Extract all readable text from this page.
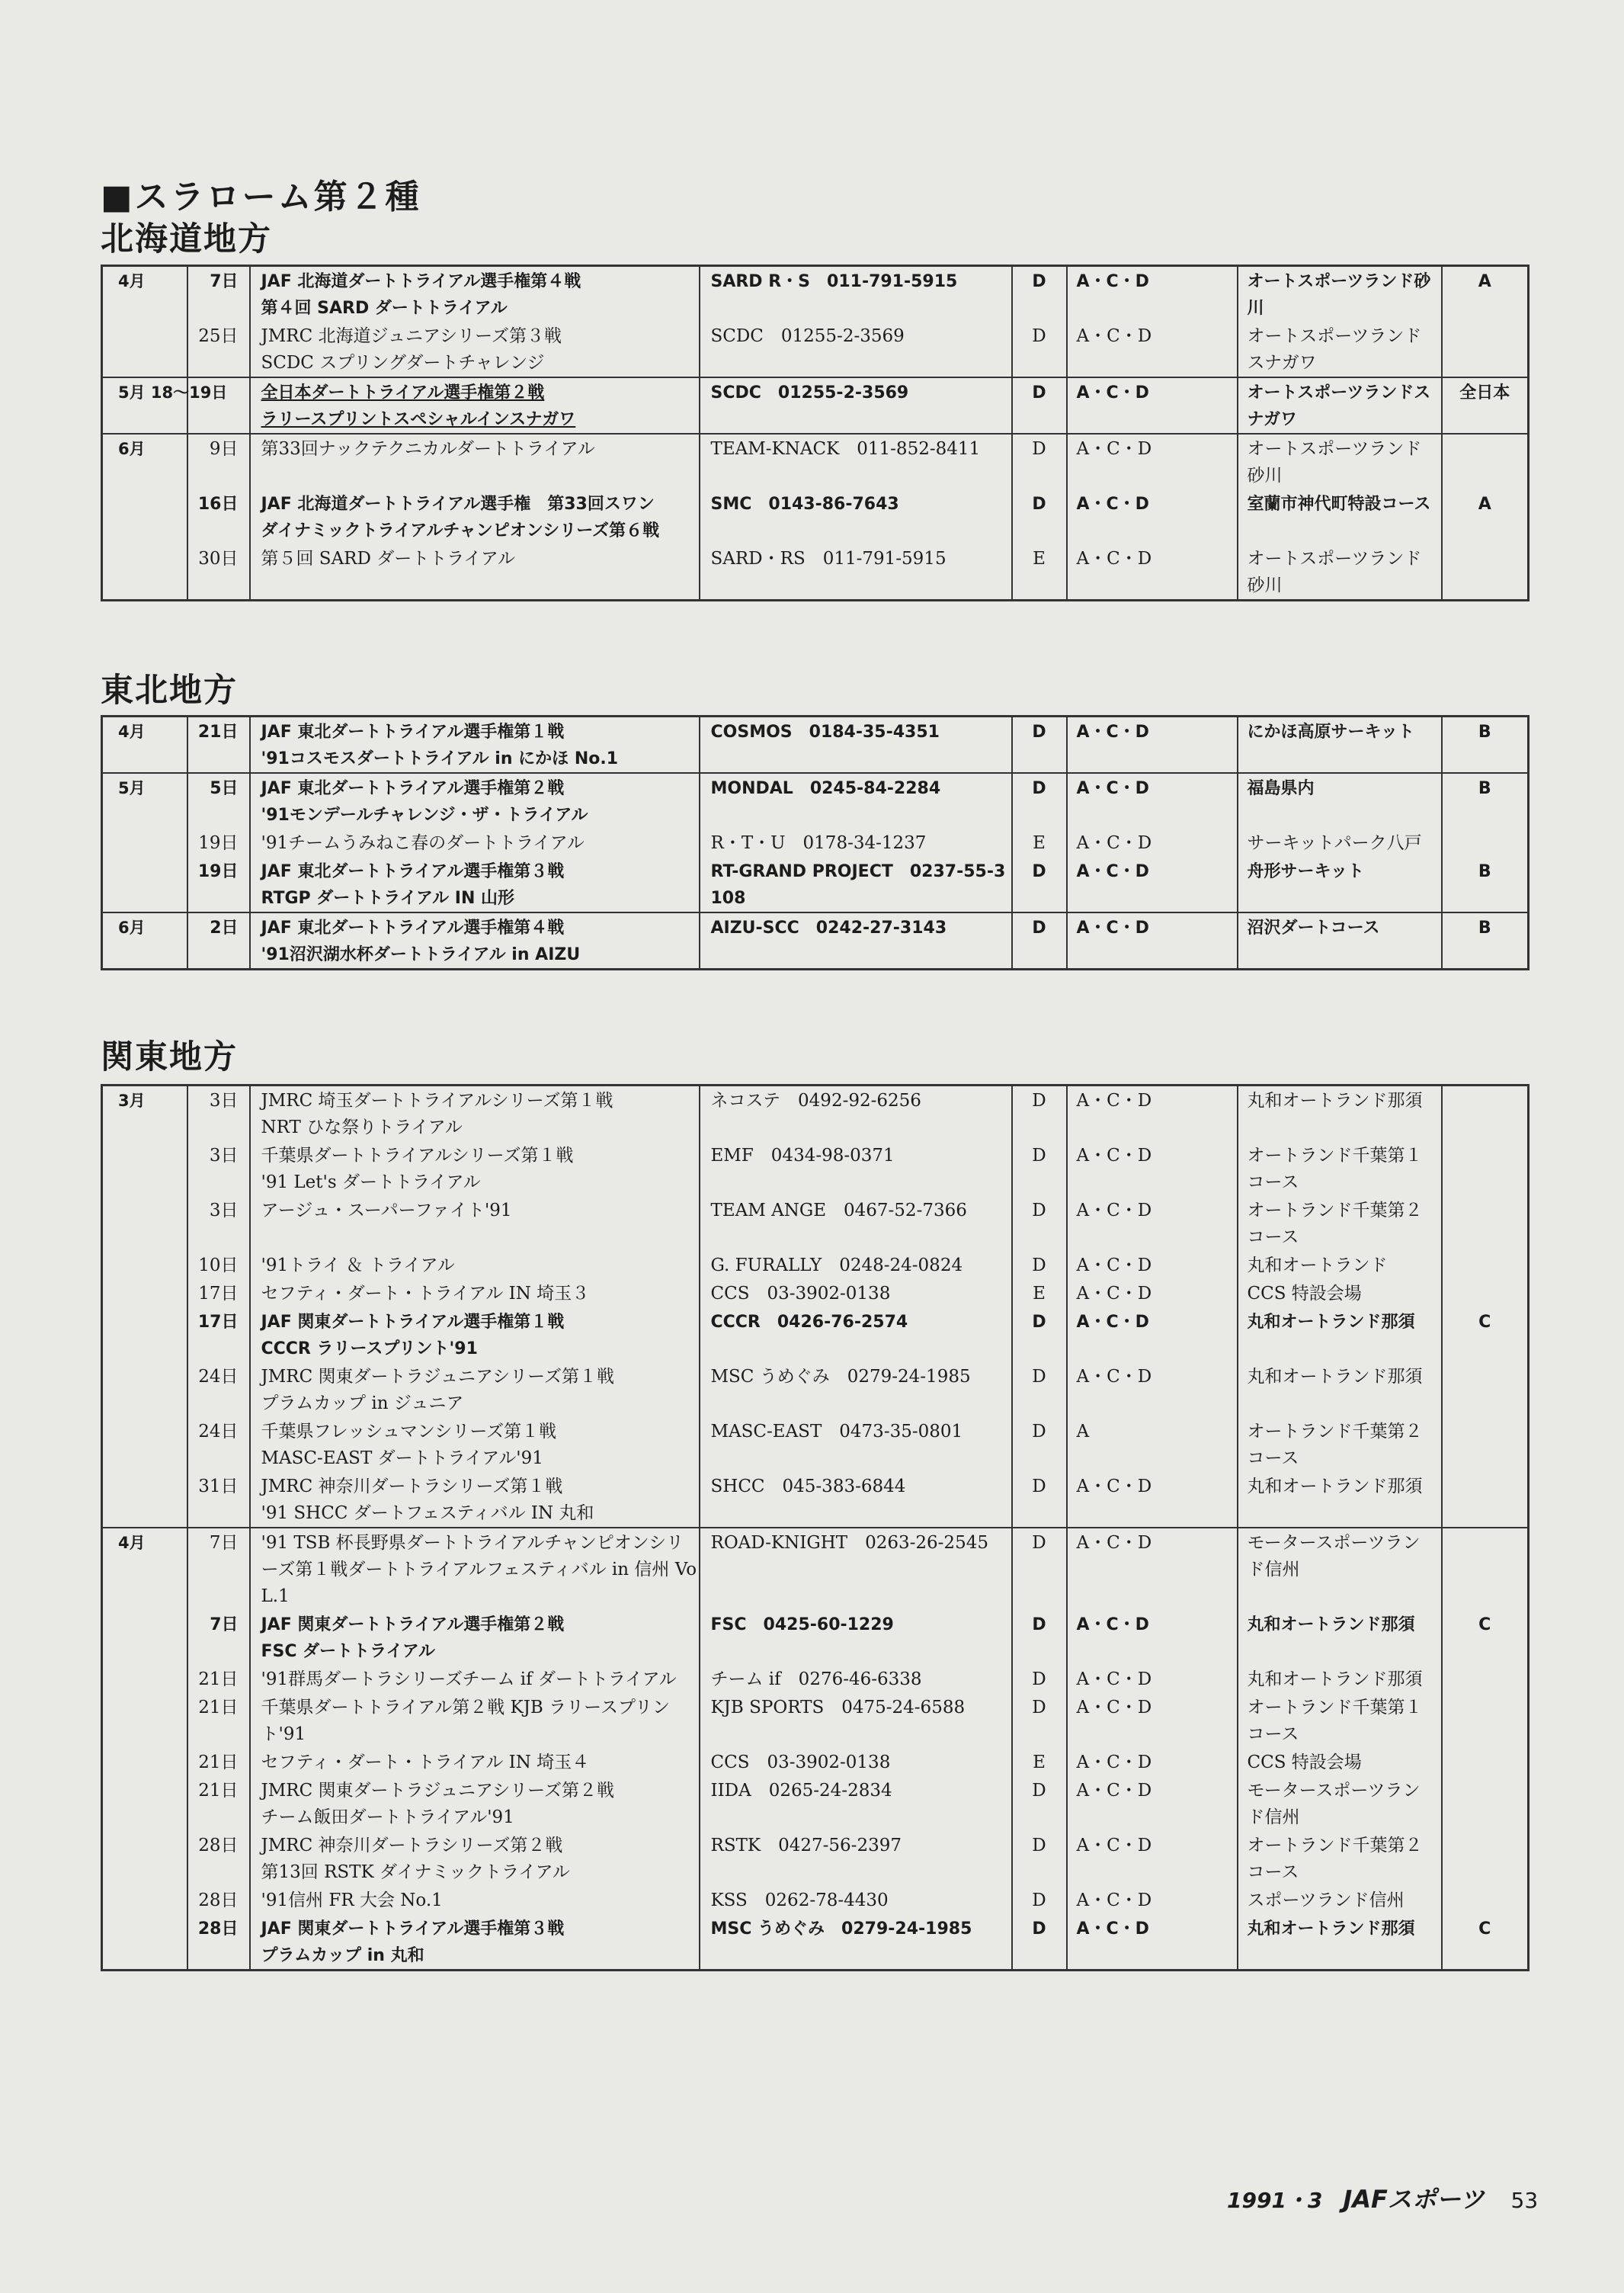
■スラローム第２種
北海道地方
4月	7日	JAF 北海道ダートトライアル選手権第４戦
第４回 SARD ダートトライアル	SARD R・S　011-791-5915	D	A・C・D	オートスポーツランド砂川	A
	25日	JMRC 北海道ジュニアシリーズ第３戦
SCDC スプリングダートチャレンジ	SCDC　01255-2-3569	D	A・C・D	オートスポーツランドスナガワ	
5月 18〜19日		全日本ダートトライアル選手権第２戦
ラリースプリントスペシャルインスナガワ	SCDC　01255-2-3569	D	A・C・D	オートスポーツランドスナガワ	全日本
6月	9日	第33回ナックテクニカルダートトライアル	TEAM-KNACK　011-852-8411	D	A・C・D	オートスポーツランド砂川	
	16日	JAF 北海道ダートトライアル選手権　第33回スワン
ダイナミックトライアルチャンピオンシリーズ第６戦	SMC　0143-86-7643	D	A・C・D	室蘭市神代町特設コース	A
	30日	第５回 SARD ダートトライアル	SARD・RS　011-791-5915	E	A・C・D	オートスポーツランド砂川	
東北地方
4月	21日	JAF 東北ダートトライアル選手権第１戦
'91コスモスダートトライアル in にかほ No.1	COSMOS　0184-35-4351	D	A・C・D	にかほ高原サーキット	B
5月	5日	JAF 東北ダートトライアル選手権第２戦
'91モンデールチャレンジ・ザ・トライアル	MONDAL　0245-84-2284	D	A・C・D	福島県内	B
	19日	'91チームうみねこ春のダートトライアル	R・T・U　0178-34-1237	E	A・C・D	サーキットパーク八戸	
	19日	JAF 東北ダートトライアル選手権第３戦
RTGP ダートトライアル IN 山形	RT-GRAND PROJECT　0237-55-3108	D	A・C・D	舟形サーキット	B
6月	2日	JAF 東北ダートトライアル選手権第４戦
'91沼沢湖水杯ダートトライアル in AIZU	AIZU-SCC　0242-27-3143	D	A・C・D	沼沢ダートコース	B
関東地方
3月	3日	JMRC 埼玉ダートトライアルシリーズ第１戦
NRT ひな祭りトライアル	ネコステ　0492-92-6256	D	A・C・D	丸和オートランド那須	
	3日	千葉県ダートトライアルシリーズ第１戦
'91 Let's ダートトライアル	EMF　0434-98-0371	D	A・C・D	オートランド千葉第１コース	
	3日	アージュ・スーパーファイト'91	TEAM ANGE　0467-52-7366	D	A・C・D	オートランド千葉第２コース	
	10日	'91トライ ＆ トライアル	G. FURALLY　0248-24-0824	D	A・C・D	丸和オートランド	
	17日	セフティ・ダート・トライアル IN 埼玉３	CCS　03-3902-0138	E	A・C・D	CCS 特設会場	
	17日	JAF 関東ダートトライアル選手権第１戦
CCCR ラリースプリント'91	CCCR　0426-76-2574	D	A・C・D	丸和オートランド那須	C
	24日	JMRC 関東ダートラジュニアシリーズ第１戦
プラムカップ in ジュニア	MSC うめぐみ　0279-24-1985	D	A・C・D	丸和オートランド那須	
	24日	千葉県フレッシュマンシリーズ第１戦
MASC-EAST ダートトライアル'91	MASC-EAST　0473-35-0801	D	A	オートランド千葉第２コース	
	31日	JMRC 神奈川ダートラシリーズ第１戦
'91 SHCC ダートフェスティバル IN 丸和	SHCC　045-383-6844	D	A・C・D	丸和オートランド那須	
4月	7日	'91 TSB 杯長野県ダートトライアルチャンピオンシリーズ第１戦ダートトライアルフェスティバル in 信州 VoL.1	ROAD-KNIGHT　0263-26-2545	D	A・C・D	モータースポーツランド信州	
	7日	JAF 関東ダートトライアル選手権第２戦
FSC ダートトライアル	FSC　0425-60-1229	D	A・C・D	丸和オートランド那須	C
	21日	'91群馬ダートラシリーズチーム if ダートトライアル	チーム if　0276-46-6338	D	A・C・D	丸和オートランド那須	
	21日	千葉県ダートトライアル第２戦 KJB ラリースプリント'91	KJB SPORTS　0475-24-6588	D	A・C・D	オートランド千葉第１コース	
	21日	セフティ・ダート・トライアル IN 埼玉４	CCS　03-3902-0138	E	A・C・D	CCS 特設会場	
	21日	JMRC 関東ダートラジュニアシリーズ第２戦
チーム飯田ダートトライアル'91	IIDA　0265-24-2834	D	A・C・D	モータースポーツランド信州	
	28日	JMRC 神奈川ダートラシリーズ第２戦
第13回 RSTK ダイナミックトライアル	RSTK　0427-56-2397	D	A・C・D	オートランド千葉第２コース	
	28日	'91信州 FR 大会 No.1	KSS　0262-78-4430	D	A・C・D	スポーツランド信州	
	28日	JAF 関東ダートトライアル選手権第３戦
プラムカップ in 丸和	MSC うめぐみ　0279-24-1985	D	A・C・D	丸和オートランド那須	C
1991・3 JAFスポーツ 53
